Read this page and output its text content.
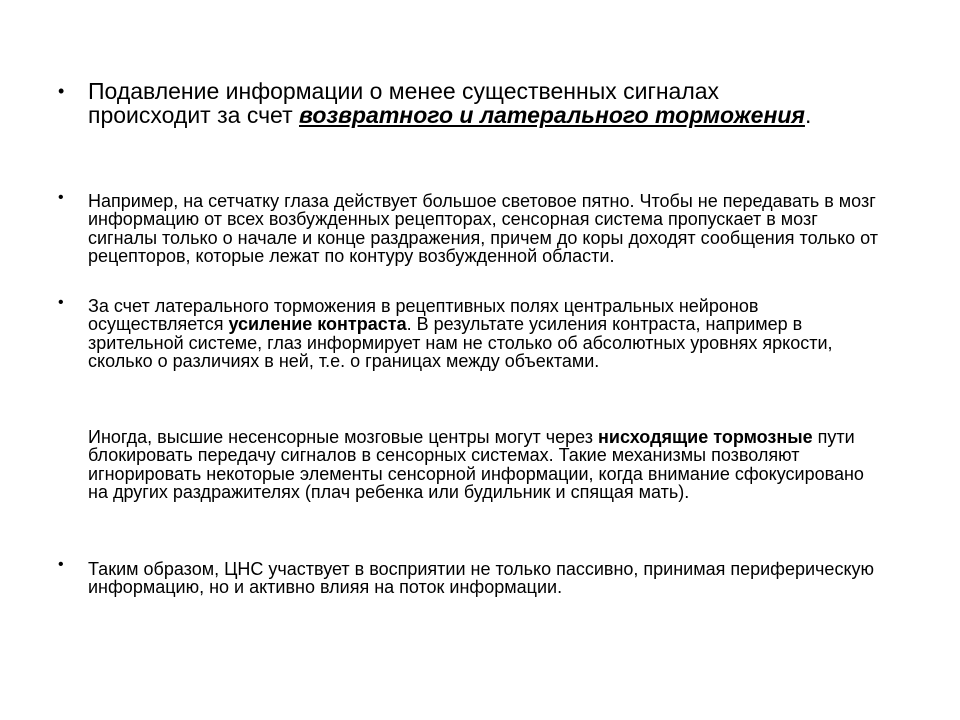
• Подавление информации о менее существенных сигналах происходит за счет возвратного и латерального торможения.

• Например, на сетчатку глаза действует большое световое пятно. Чтобы не передавать в мозг информацию от всех возбужденных рецепторах, сенсорная система пропускает в мозг сигналы только о начале и конце раздражения, причем до коры доходят сообщения только от рецепторов, которые лежат по контуру возбужденной области.

• За счет латерального торможения в рецептивных полях центральных нейронов осуществляется усиление контраста. В результате усиления контраста, например в зрительной системе, глаз информирует нам не столько об абсолютных уровнях яркости, сколько о различиях в ней, т.е. о границах между объектами.

Иногда, высшие несенсорные мозговые центры могут через нисходящие тормозные пути блокировать передачу сигналов в сенсорных системах. Такие механизмы позволяют игнорировать некоторые элементы сенсорной информации, когда внимание сфокусировано на других раздражителях (плач ребенка или будильник и спящая мать).

• Таким образом, ЦНС участвует в восприятии не только пассивно, принимая периферическую информацию, но и активно влияя на поток информации.
